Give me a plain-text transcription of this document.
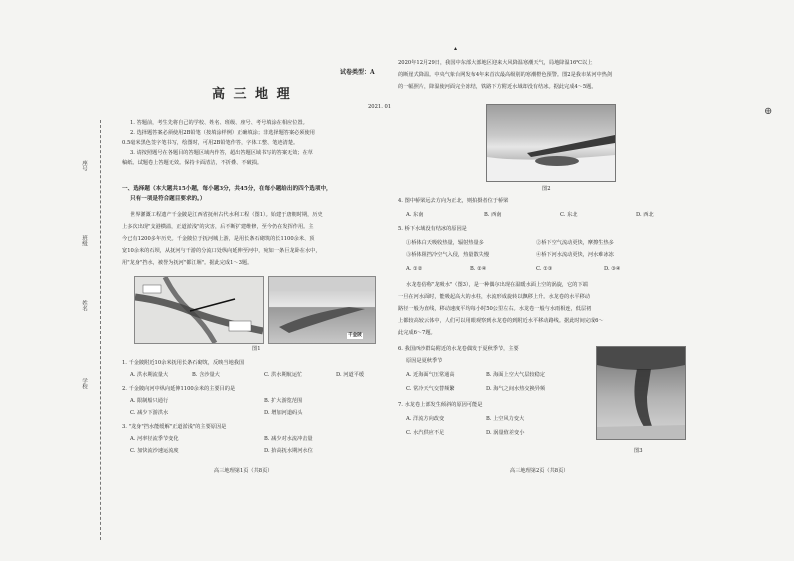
座号
班级
姓名
学校
试卷类型：A
高 三 地 理
2021. 01
1. 答题前，考生先将自己的学校、姓名、班级、座号、考号填涂在相应位置。
2. 选择题答案必须使用2B铅笔（按填涂样例）正确填涂；非选择题答案必须使用
0.5毫米黑色签字笔书写，绘图时，可用2B铅笔作答，字体工整、笔迹清楚。
3. 请按照题号在各题目的答题区域内作答，超出答题区域书写的答案无效；在草
稿纸、试题卷上答题无效。保持卡面清洁，不折叠、不破损。
一、选择题（本大题共15小题，每小题3分，共45分，在每小题给出的四个选项中，
只有一项是符合题目要求的。）
世界灌溉工程遗产千金陂是江西省抚州古代水利工程（图1）。始建于唐朝时期，历史
上多次出现"支港横溢，正道淤浅"的灾害，后不断扩建维修，至今仍在发挥作用。主
今已有1200多年历史。千金陂位于抚河城上游，是用长条石砌筑的长1100余米、顶
宽10余米的石坝，从抚河与干游的分流口处纵向延伸至河中，宛如一条巨龙卧在水中，
用"龙身"挡水，被誉为抚河"都江堰"。据此完成1～3题。
千金陂
图1
1. 千金陂附近10余米抚用长条石砌筑，反映当地我国
A. 洪水期流量大	B. 含沙量大	C. 洪水期航运忙	D. 河道平缓
2. 千金陂向河中纵向延伸1100余米的主要目的是
A. 限制船只通行	B. 扩大游览范围
C. 减少下游洪水	D. 增加河道码头
3. "龙身"挡水能缓解"正道淤浅"的主要原因是
A. 河率径流季节变化	B. 减少对水流冲击量
C. 加快流沙速运流度	D. 抬高抚水期河水位
高三地理第1页（共8页）
▴
2020年12月29日，我国中东部大部地区迎来大风降温寒潮天气，局地降温16℃以上
的断崖式降温。中央气象台网发布4年来首次最高级别的寒潮橙色预警。图2是我市某河中热剑
的一幅照片，降温使河面完全冻结，铁路下方附近水域却没有结冰。据此完成4～5题。
图2
4. 图中桥梁远去方向为正北，则拍摄者位于桥梁
A. 东南	B. 西南	C. 东北	D. 西北
5. 桥下水域没有结冰的原因是
①桥体白天吸收热量，辐射热量多	②桥下空气流动更快，摩擦生热多
③桥体阻挡冷空气入侵，热量散失慢	④桥下河水流动更快，河水难冰冻
A. ①②	B. ②④	C. ①③	D. ③④
水龙卷俗称"龙吸水"（图3），是一种偶尔出现在温暖水面上空的涡旋，它的下端
一旦在河水面时，能吸起高大的水柱，水流形成旋转以飘移上升。水龙卷的水平移动
路径一般为直线，移动速度平均每小时50公里左右。水龙卷一般与水雨相连，低层初
上都较高较云体中，人们可以用眼观察到水龙卷的到附近水平移动路线。据此时间完成6～
此完成6～7题。
6. 我国西沙群岛附近的水龙卷偶发于夏秋季节，主要
原因是夏秋季节
A. 近海面气压常通高	B. 海面上空大气层较稳定
C. 常冷天气交替频繁	D. 海气之间水热交换异频
7. 水龙卷上部发生倾斜的原因可能是
A. 洋流方向改变	B. 上空风力变大
C. 水汽供应不足	D. 涡量值差变小
图3
高三地理第2页（共8页）
⊕
